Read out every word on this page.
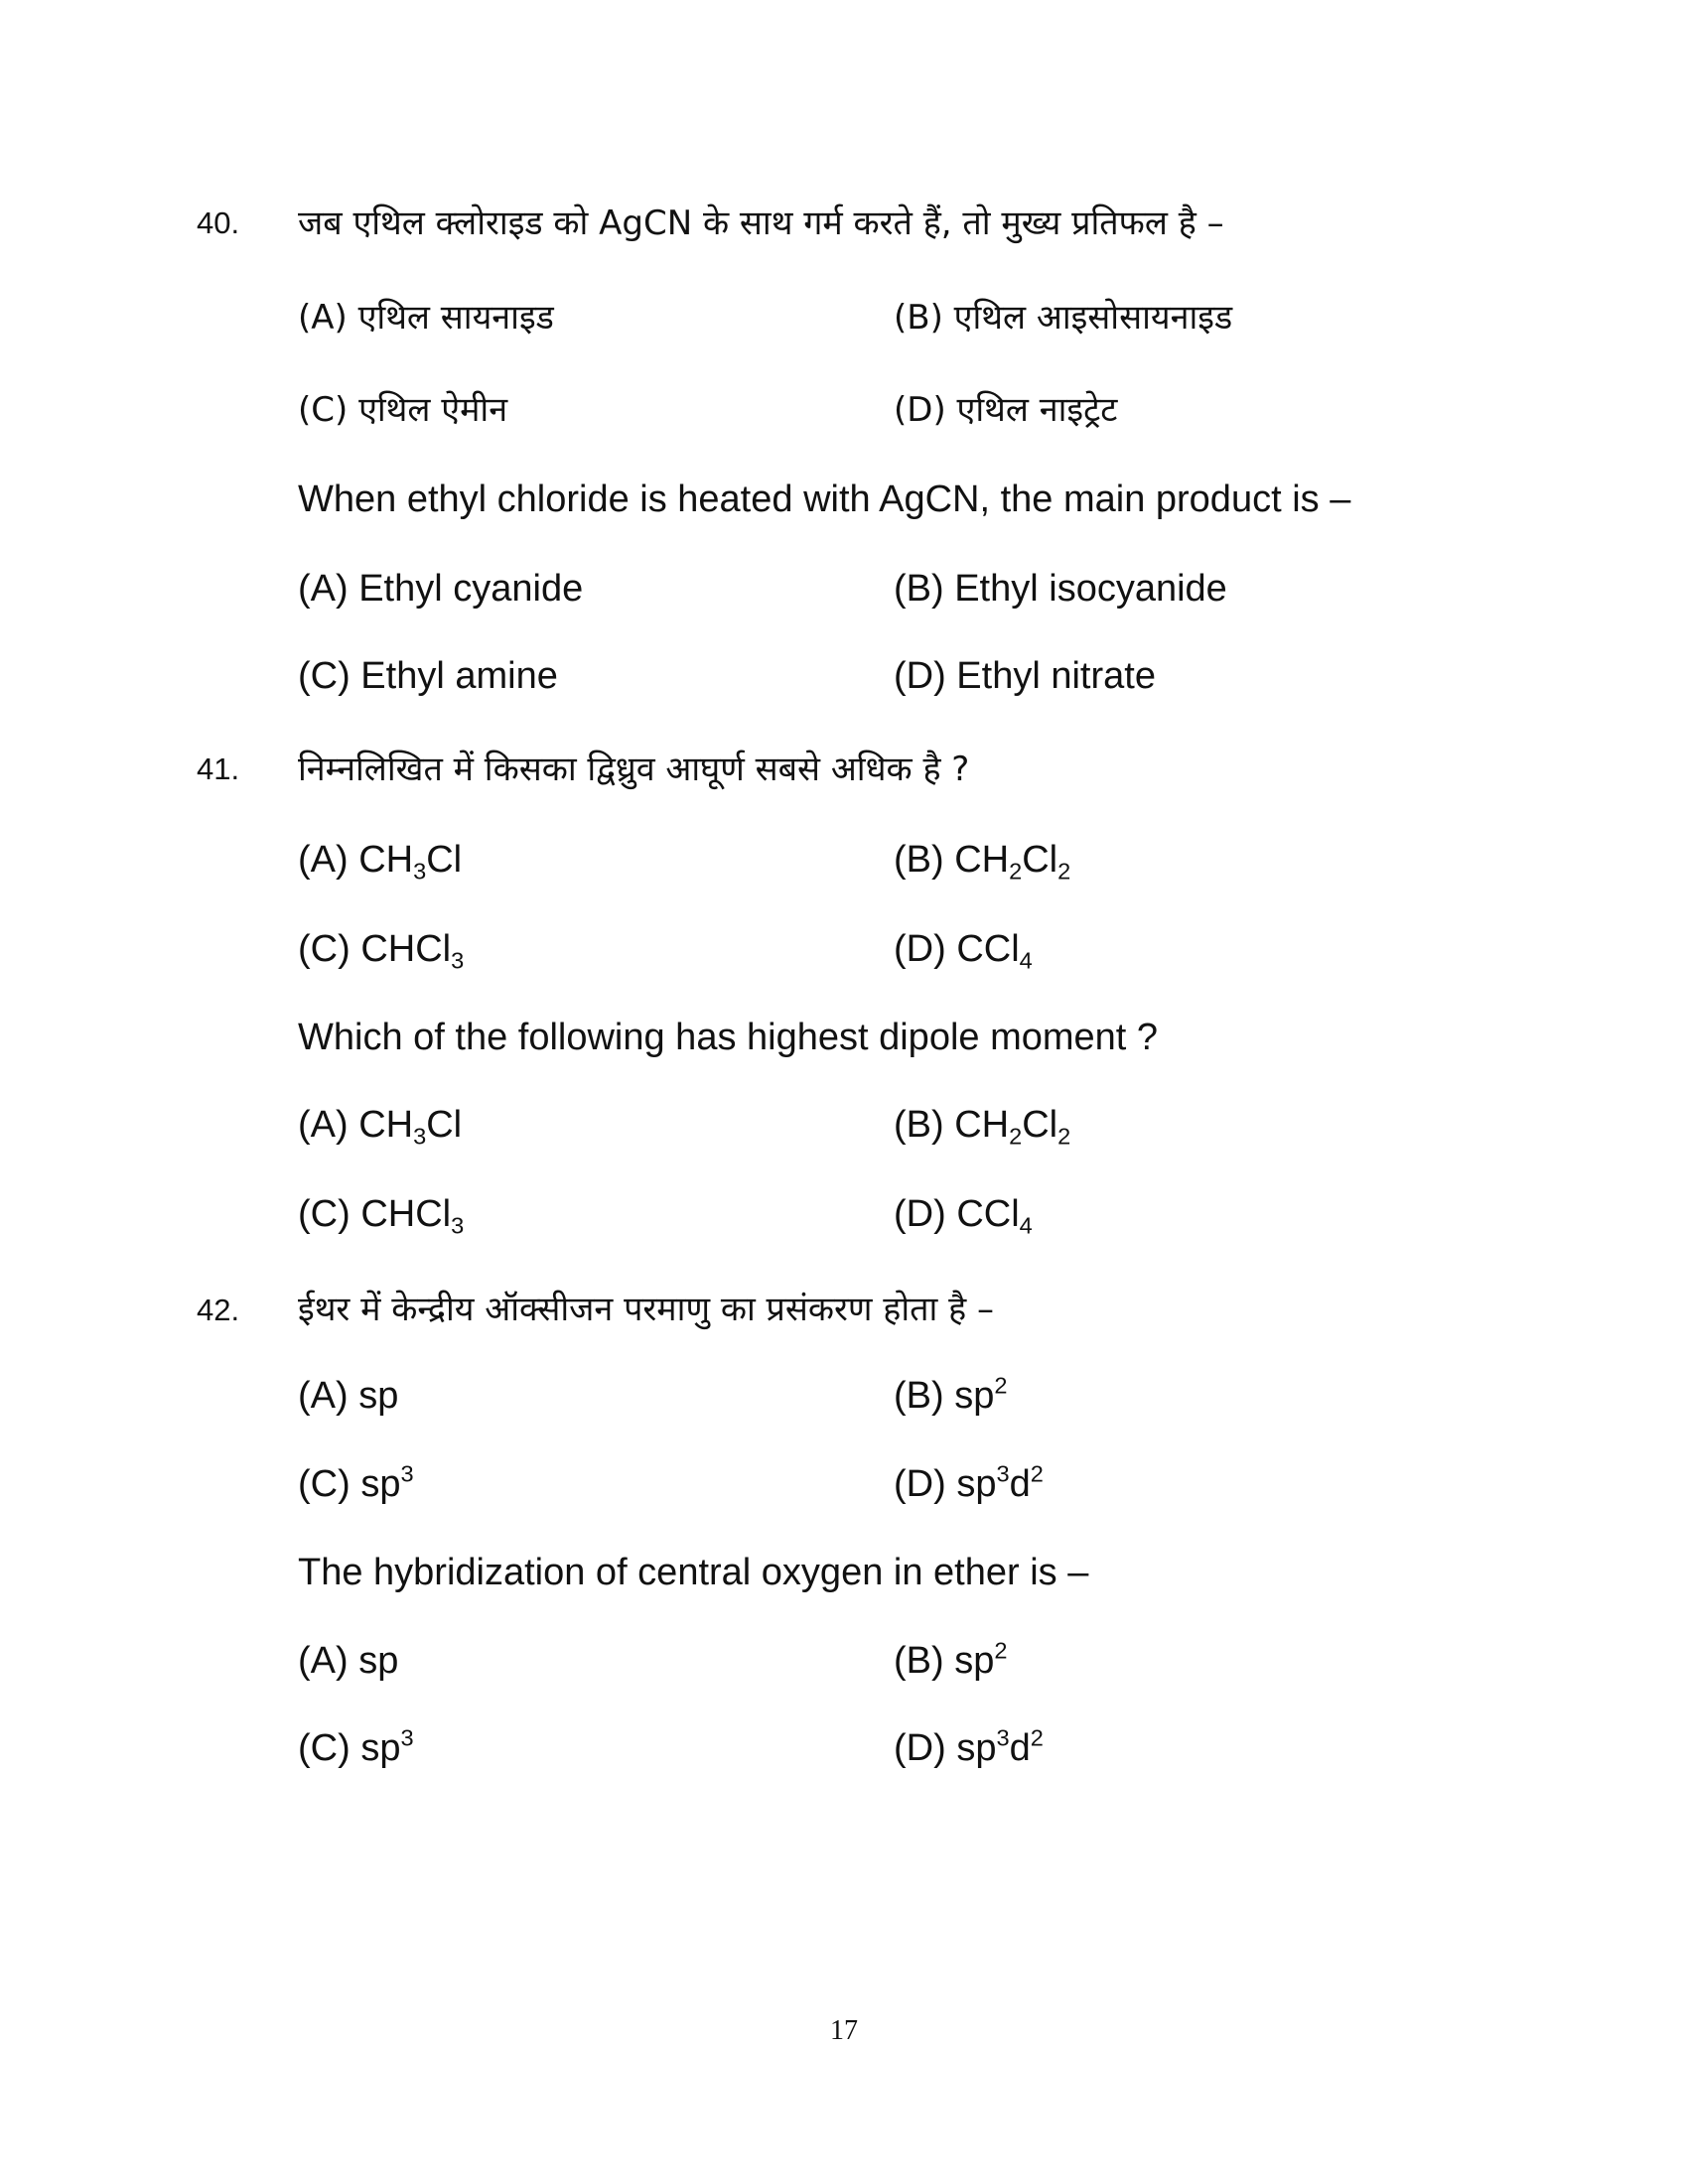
40. जब एथिल क्लोराइड को AgCN के साथ गर्म करते हैं, तो मुख्य प्रतिफल है –
(A) एथिल सायनाइड	(B) एथिल आइसोसायनाइड
(C) एथिल ऐमीन	(D) एथिल नाइट्रेट
When ethyl chloride is heated with AgCN, the main product is –
(A) Ethyl cyanide	(B) Ethyl isocyanide
(C) Ethyl amine	(D) Ethyl nitrate
41. निम्नलिखित में किसका द्विध्रुव आघूर्ण सबसे अधिक है ?
(A) $CH_3Cl$	(B) $CH_2Cl_2$
(C) CHCl$_3$	(D) CCl$_4$
Which of the following has highest dipole moment ?
(A) $CH_3Cl$	(B) $CH_2Cl_2$
(C) CHCl$_3$	(D) CCl$_4$
42. ईथर में केन्द्रीय ऑक्सीजन परमाणु का प्रसंकरण होता है –
(A) sp	(B) $sp^2$
(C) $sp^3$	(D) $sp^3d^2$
The hybridization of central oxygen in ether is –
(A) sp	(B) $sp^2$
(C) $sp^3$	(D) $sp^3d^2$
17
